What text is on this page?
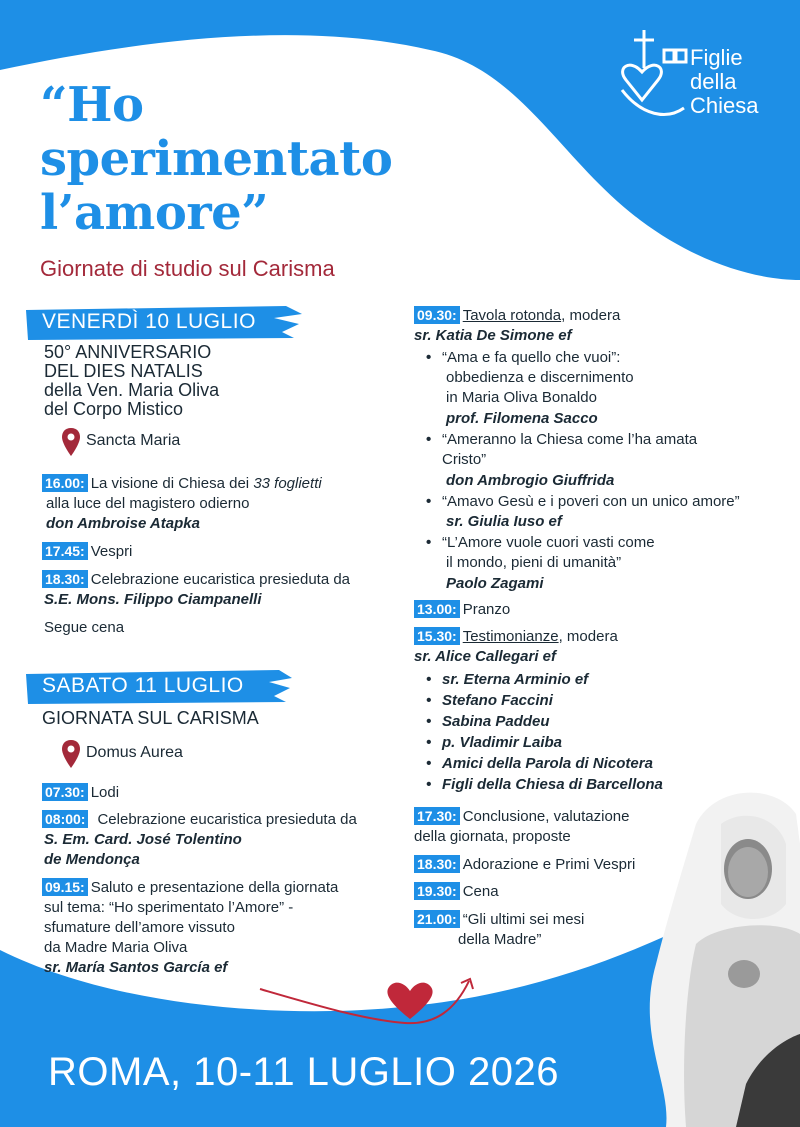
Figlie
della
Chiesa
“Ho
sperimentato
l’amore”
Giornate di studio sul Carisma
VENERDÌ 10 LUGLIO
50° ANNIVERSARIO
DEL DIES NATALIS
della Ven. Maria Oliva
del Corpo Mistico
Sancta Maria
16.00: La visione di Chiesa dei 33 foglietti
alla luce del magistero odierno
don Ambroise Atapka
17.45: Vespri
18.30: Celebrazione eucaristica presieduta da
S.E. Mons. Filippo Ciampanelli
Segue cena
SABATO 11 LUGLIO
GIORNATA SUL CARISMA
Domus Aurea
07.30: Lodi
08:00: Celebrazione eucaristica presieduta da
S. Em. Card. José Tolentino
de Mendonça
09.15: Saluto e presentazione della giornata
sul tema: “Ho sperimentato l’Amore” -
sfumature dell’amore vissuto
da Madre Maria Oliva
sr. María Santos García ef
09.30: Tavola rotonda, modera
sr. Katia De Simone ef
• “Ama e fa quello che vuoi”:
obbedienza e discernimento
in Maria Oliva Bonaldo
prof. Filomena Sacco
• “Ameranno la Chiesa come l’ha amata
Cristo”
don Ambrogio Giuffrida
• “Amavo Gesù e i poveri con un unico amore”
sr. Giulia Iuso ef
• “L’Amore vuole cuori vasti come
il mondo, pieni di umanità”
Paolo Zagami
13.00: Pranzo
15.30: Testimonianze, modera
sr. Alice Callegari ef
• sr. Eterna Arminio ef
• Stefano Faccini
• Sabina Paddeu
• p. Vladimir Laiba
• Amici della Parola di Nicotera
• Figli della Chiesa di Barcellona
17.30: Conclusione, valutazione
della giornata, proposte
18.30: Adorazione e Primi Vespri
19.30: Cena
21.00: “Gli ultimi sei mesi
della Madre”
ROMA, 10-11 LUGLIO 2026
